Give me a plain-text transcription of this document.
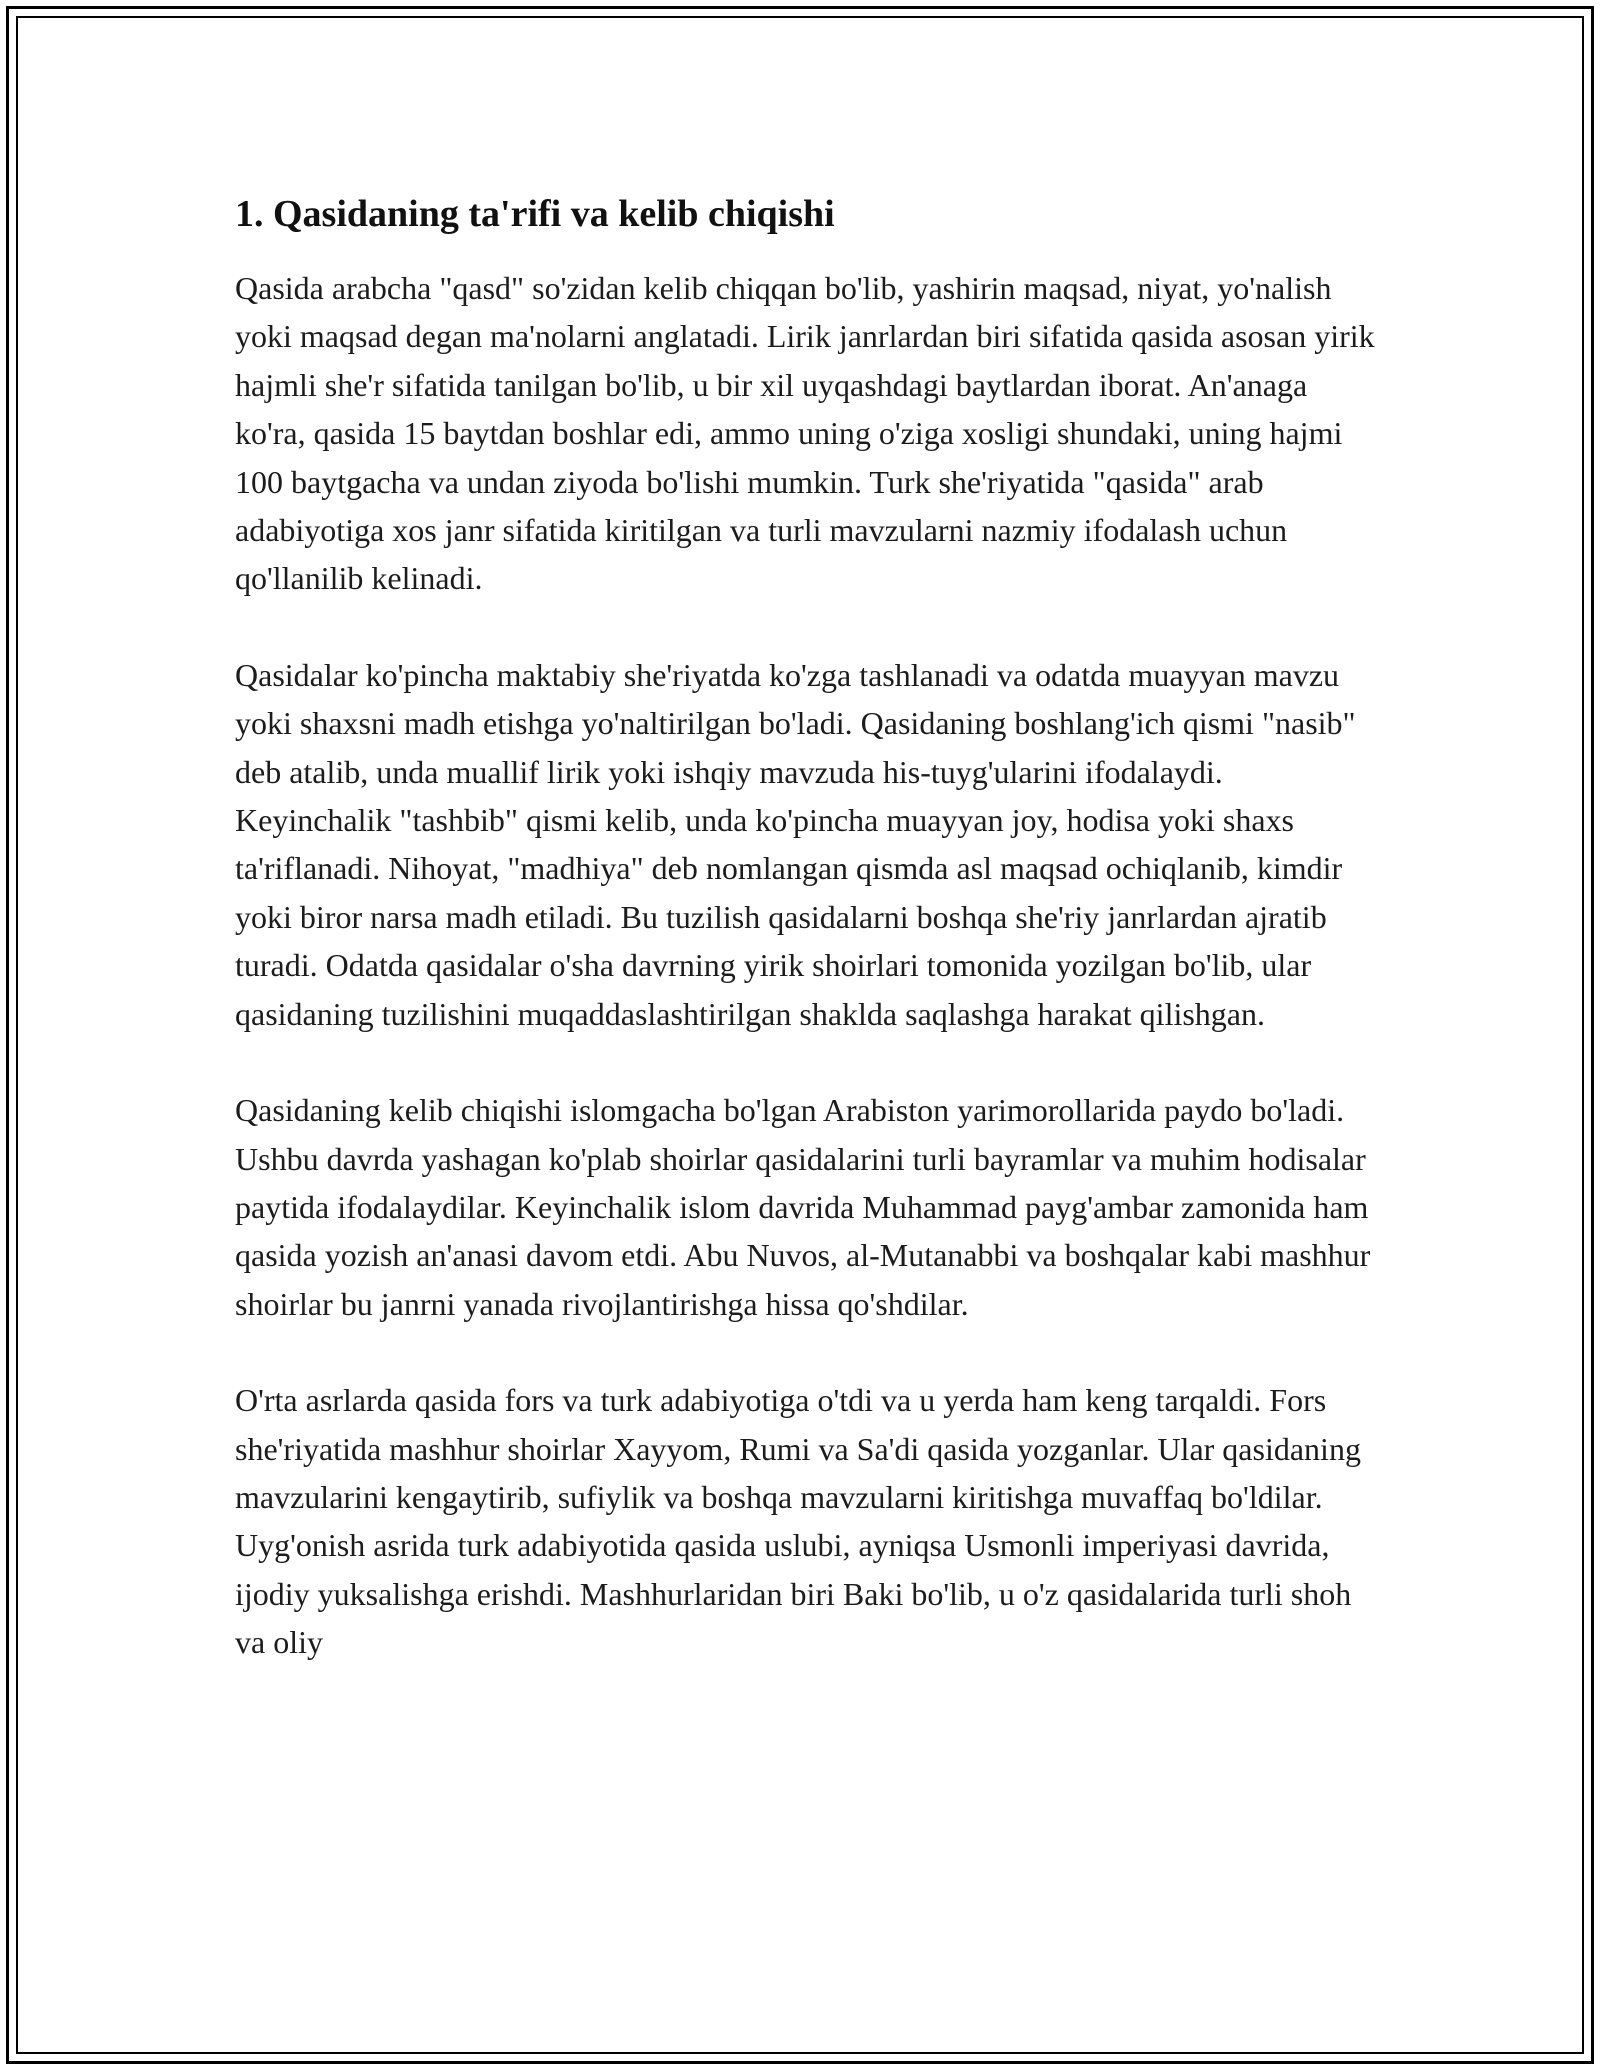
1. Qasidaning ta'rifi va kelib chiqishi

Qasida arabcha "qasd" so'zidan kelib chiqqan bo'lib, yashirin maqsad, niyat, yo'nalish yoki maqsad degan ma'nolarni anglatadi. Lirik janrlardan biri sifatida qasida asosan yirik hajmli she'r sifatida tanilgan bo'lib, u bir xil uyqashdagi baytlardan iborat. An'anaga ko'ra, qasida 15 baytdan boshlar edi, ammo uning o'ziga xosligi shundaki, uning hajmi 100 baytgacha va undan ziyoda bo'lishi mumkin. Turk she'riyatida "qasida" arab adabiyotiga xos janr sifatida kiritilgan va turli mavzularni nazmiy ifodalash uchun qo'llanilib kelinadi.

Qasidalar ko'pincha maktabiy she'riyatda ko'zga tashlanadi va odatda muayyan mavzu yoki shaxsni madh etishga yo'naltirilgan bo'ladi. Qasidaning boshlang'ich qismi "nasib" deb atalib, unda muallif lirik yoki ishqiy mavzuda his-tuyg'ularini ifodalaydi. Keyinchalik "tashbib" qismi kelib, unda ko'pincha muayyan joy, hodisa yoki shaxs ta'riflanadi. Nihoyat, "madhiya" deb nomlangan qismda asl maqsad ochiqlanib, kimdir yoki biror narsa madh etiladi. Bu tuzilish qasidalarni boshqa she'riy janrlardan ajratib turadi. Odatda qasidalar o'sha davrning yirik shoirlari tomonida yozilgan bo'lib, ular qasidaning tuzilishini muqaddaslashtirilgan shaklda saqlashga harakat qilishgan.

Qasidaning kelib chiqishi islomgacha bo'lgan Arabiston yarimorollarida paydo bo'ladi. Ushbu davrda yashagan ko'plab shoirlar qasidalarini turli bayramlar va muhim hodisalar paytida ifodalaydilar. Keyinchalik islom davrida Muhammad payg'ambar zamonida ham qasida yozish an'anasi davom etdi. Abu Nuvos, al-Mutanabbi va boshqalar kabi mashhur shoirlar bu janrni yanada rivojlantirishga hissa qo'shdilar.

O'rta asrlarda qasida fors va turk adabiyotiga o'tdi va u yerda ham keng tarqaldi. Fors she'riyatida mashhur shoirlar Xayyom, Rumi va Sa'di qasida yozganlar. Ular qasidaning mavzularini kengaytirib, sufiylik va boshqa mavzularni kiritishga muvaffaq bo'ldilar. Uyg'onish asrida turk adabiyotida qasida uslubi, ayniqsa Usmonli imperiyasi davrida, ijodiy yuksalishga erishdi. Mashhurlaridan biri Baki bo'lib, u o'z qasidalarida turli shoh va oliy
